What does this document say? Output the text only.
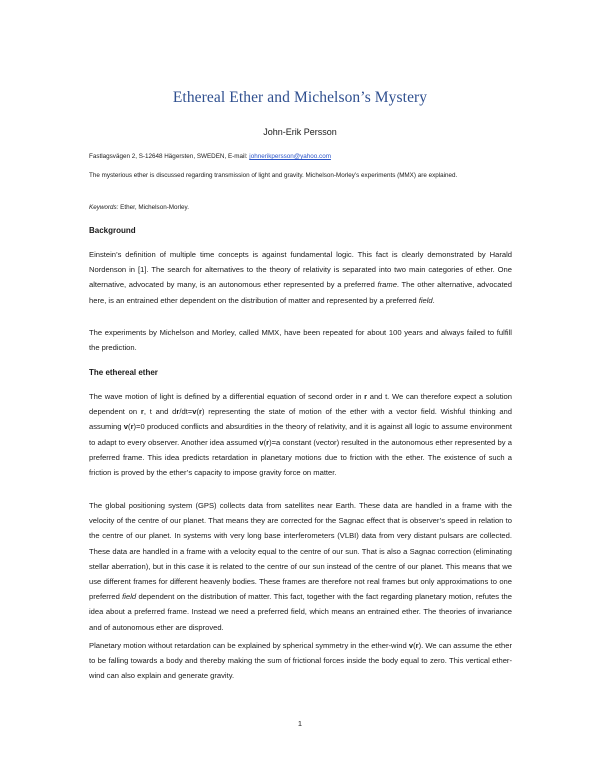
Ethereal Ether and Michelson’s Mystery
John-Erik Persson
Fastlagsvägen 2, S-12648 Hägersten, SWEDEN, E-mail: johnerikpersson@yahoo.com
The mysterious ether is discussed regarding transmission of light and gravity. Michelson-Morley’s experiments (MMX) are explained.
Keywords: Ether, Michelson-Morley.
Background
Einstein’s definition of multiple time concepts is against fundamental logic. This fact is clearly demonstrated by Harald Nordenson in [1]. The search for alternatives to the theory of relativity is separated into two main categories of ether. One alternative, advocated by many, is an autonomous ether represented by a preferred frame. The other alternative, advocated here, is an entrained ether dependent on the distribution of matter and represented by a preferred field.
The experiments by Michelson and Morley, called MMX, have been repeated for about 100 years and always failed to fulfill the prediction.
The ethereal ether
The wave motion of light is defined by a differential equation of second order in r and t. We can therefore expect a solution dependent on r, t and dr/dt=v(r) representing the state of motion of the ether with a vector field. Wishful thinking and assuming v(r)=0 produced conflicts and absurdities in the theory of relativity, and it is against all logic to assume environment to adapt to every observer. Another idea assumed v(r)=a constant (vector) resulted in the autonomous ether represented by a preferred frame. This idea predicts retardation in planetary motions due to friction with the ether. The existence of such a friction is proved by the ether’s capacity to impose gravity force on matter.
The global positioning system (GPS) collects data from satellites near Earth. These data are handled in a frame with the velocity of the centre of our planet. That means they are corrected for the Sagnac effect that is observer’s speed in relation to the centre of our planet. In systems with very long base interferometers (VLBI) data from very distant pulsars are collected. These data are handled in a frame with a velocity equal to the centre of our sun. That is also a Sagnac correction (eliminating stellar aberration), but in this case it is related to the centre of our sun instead of the centre of our planet. This means that we use different frames for different heavenly bodies. These frames are therefore not real frames but only approximations to one preferred field dependent on the distribution of matter. This fact, together with the fact regarding planetary motion, refutes the idea about a preferred frame. Instead we need a preferred field, which means an entrained ether. The theories of invariance and of autonomous ether are disproved.
Planetary motion without retardation can be explained by spherical symmetry in the ether-wind v(r). We can assume the ether to be falling towards a body and thereby making the sum of frictional forces inside the body equal to zero. This vertical ether-wind can also explain and generate gravity.
1
